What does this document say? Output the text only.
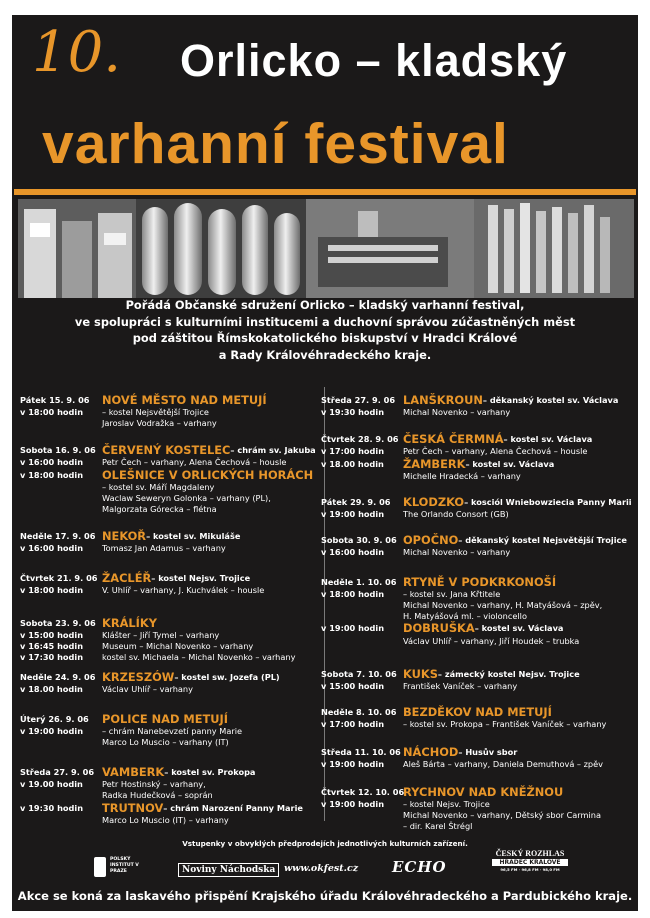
10. Orlicko – kladský
varhanní festival
Pořádá Občanské sdružení Orlicko – kladský varhanní festival,
ve spolupráci s kulturními institucemi a duchovní správou zúčastněných měst
pod záštitou Římskokatolického biskupství v Hradci Králové
a Rady Královéhradeckého kraje.
Pátek 15. 9. 06	NOVÉ MĚSTO NAD METUJÍ
v 18:00 hodin	– kostel Nejsvětější Trojice
Jaroslav Vodražka – varhany
Sobota 16. 9. 06 ČERVENÝ KOSTELEC – chrám sv. Jakuba
v 16:00 hodin	Petr Čech – varhany, Alena Čechová – housle
v 18:00 hodin	OLEŠNICE V ORLICKÝCH HORÁCH
– kostel sv. Máří Magdaleny
Waclaw Seweryn Golonka – varhany (PL),
Malgorzata Górecka – flétna
Neděle 17. 9. 06 NEKOŘ – kostel sv. Mikuláše
v 16:00 hodin	Tomasz Jan Adamus – varhany
Čtvrtek 21. 9. 06 ŽACLÉŘ – kostel Nejsv. Trojice
v 18:00 hodin	V. Uhlíř – varhany, J. Kuchválek – housle
Sobota 23. 9. 06 KRÁLÍKY
v 15:00 hodin	Klášter – Jiří Tymel – varhany
v 16:45 hodin	Museum – Michal Novenko – varhany
v 17:30 hodin	kostel sv. Michaela – Michal Novenko – varhany
Neděle 24. 9. 06 KRZESZÓW – kostel sw. Jozefa (PL)
v 18.00 hodin	Václav Uhlíř – varhany
Úterý 26. 9. 06	POLICE NAD METUJÍ
v 19:00 hodin	– chrám Nanebevzetí panny Marie
Marco Lo Muscio – varhany (IT)
Středa 27. 9. 06 VAMBERK – kostel sv. Prokopa
v 19.00 hodin	Petr Hostinský – varhany,
Radka Hudečková – soprán
v 19:30 hodin	TRUTNOV – chrám Narození Panny Marie
Marco Lo Muscio (IT) – varhany
Středa 27. 9. 06 LANŠKROUN – děkanský kostel sv. Václava
v 19:30 hodin	Michal Novenko – varhany
Čtvrtek 28. 9. 06 ČESKÁ ČERMNÁ – kostel sv. Václava
v 17:00 hodin	Petr Čech – varhany, Alena Čechová – housle
v 18.00 hodin	ŽAMBERK – kostel sv. Václava
Michelle Hradecká – varhany
Pátek 29. 9. 06	KLODZKO – kosciól Wniebowziecia Panny Marii
v 19:00 hodin	The Orlando Consort (GB)
Sobota 30. 9. 06 OPOČNO – děkanský kostel Nejsvětější Trojice
v 16:00 hodin	Michal Novenko – varhany
Neděle 1. 10. 06 RTYNĚ V PODKRKONOŠÍ
v 18:00 hodin	– kostel sv. Jana Křtitele
Michal Novenko – varhany, H. Matyášová – zpěv,
H. Matyášová ml. – violoncello
v 19:00 hodin	DOBRUŠKA – kostel sv. Václava
Václav Uhlíř – varhany, Jiří Houdek – trubka
Sobota 7. 10. 06 KUKS – zámecký kostel Nejsv. Trojice
v 15:00 hodin	František Vaníček – varhany
Neděle 8. 10. 06 BEZDĚKOV NAD METUJÍ
v 17:00 hodin	– kostel sv. Prokopa – František Vaníček – varhany
Středa 11. 10. 06 NÁCHOD – Husův sbor
v 19:00 hodin	Aleš Bárta – varhany, Daniela Demuthová – zpěv
Čtvrtek 12. 10. 06
RYCHNOV NAD KNĚŽNOU
v 19:00 hodin	– kostel Nejsv. Trojice
Michal Novenko – varhany, Dětský sbor Carmina
– dir. Karel Štrégl
Vstupenky v obvyklých předprodejích jednotlivých kulturních zařízení.
POLSKÝ INSTITUT V PRAZE	Noviny Náchodska www.okfest.cz ECHO
ČESKÝ ROZHLAS
HRADEC KRÁLOVÉ
96,5 FM · 96,8 FM · 98,0 FM
Akce se koná za laskavého přispění Krajského úřadu Královéhradeckého a Pardubického kraje.
